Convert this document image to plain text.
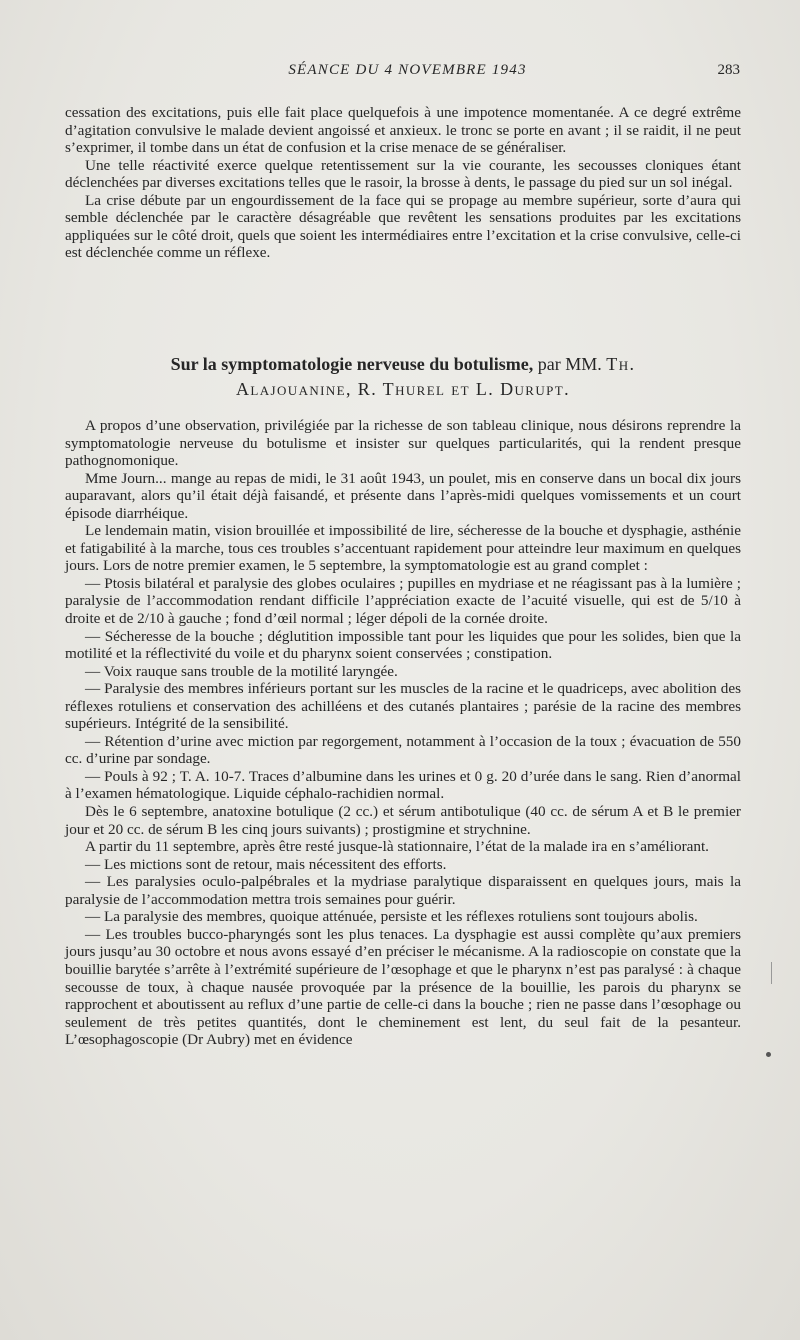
SÉANCE DU 4 NOVEMBRE 1943	283

cessation des excitations, puis elle fait place quelquefois à une impotence momentanée. A ce degré extrême d’agitation convulsive le malade devient angoissé et anxieux. le tronc se porte en avant ; il se raidit, il ne peut s’exprimer, il tombe dans un état de confusion et la crise menace de se généraliser.

Une telle réactivité exerce quelque retentissement sur la vie courante, les secousses cloniques étant déclenchées par diverses excitations telles que le rasoir, la brosse à dents, le passage du pied sur un sol inégal.

La crise débute par un engourdissement de la face qui se propage au membre supérieur, sorte d’aura qui semble déclenchée par le caractère désagréable que revêtent les sensations produites par les excitations appliquées sur le côté droit, quels que soient les intermédiaires entre l’excitation et la crise convulsive, celle-ci est déclenchée comme un réflexe.

Sur la symptomatologie nerveuse du botulisme, par MM. Th.
Alajouanine, R. Thurel et L. Durupt.

A propos d’une observation, privilégiée par la richesse de son tableau clinique, nous désirons reprendre la symptomatologie nerveuse du botulisme et insister sur quelques particularités, qui la rendent presque pathognomonique.

Mme Journ... mange au repas de midi, le 31 août 1943, un poulet, mis en conserve dans un bocal dix jours auparavant, alors qu’il était déjà faisandé, et présente dans l’après-midi quelques vomissements et un court épisode diarrhéique.

Le lendemain matin, vision brouillée et impossibilité de lire, sécheresse de la bouche et dysphagie, asthénie et fatigabilité à la marche, tous ces troubles s’accentuant rapidement pour atteindre leur maximum en quelques jours. Lors de notre premier examen, le 5 septembre, la symptomatologie est au grand complet :

— Ptosis bilatéral et paralysie des globes oculaires ; pupilles en mydriase et ne réagissant pas à la lumière ; paralysie de l’accommodation rendant difficile l’appréciation exacte de l’acuité visuelle, qui est de 5/10 à droite et de 2/10 à gauche ; fond d’œil normal ; léger dépoli de la cornée droite.

— Sécheresse de la bouche ; déglutition impossible tant pour les liquides que pour les solides, bien que la motilité et la réflectivité du voile et du pharynx soient conservées ; constipation.

— Voix rauque sans trouble de la motilité laryngée.

— Paralysie des membres inférieurs portant sur les muscles de la racine et le quadriceps, avec abolition des réflexes rotuliens et conservation des achilléens et des cutanés plantaires ; parésie de la racine des membres supérieurs. Intégrité de la sensibilité.

— Rétention d’urine avec miction par regorgement, notamment à l’occasion de la toux ; évacuation de 550 cc. d’urine par sondage.

— Pouls à 92 ; T. A. 10-7. Traces d’albumine dans les urines et 0 g. 20 d’urée dans le sang. Rien d’anormal à l’examen hématologique. Liquide céphalo-rachidien normal.

Dès le 6 septembre, anatoxine botulique (2 cc.) et sérum antibotulique (40 cc. de sérum A et B le premier jour et 20 cc. de sérum B les cinq jours suivants) ; prostigmine et strychnine.

A partir du 11 septembre, après être resté jusque-là stationnaire, l’état de la malade ira en s’améliorant.

— Les mictions sont de retour, mais nécessitent des efforts.

— Les paralysies oculo-palpébrales et la mydriase paralytique disparaissent en quelques jours, mais la paralysie de l’accommodation mettra trois semaines pour guérir.

— La paralysie des membres, quoique atténuée, persiste et les réflexes rotuliens sont toujours abolis.

— Les troubles bucco-pharyngés sont les plus tenaces. La dysphagie est aussi complète qu’aux premiers jours jusqu’au 30 octobre et nous avons essayé d’en préciser le mécanisme. A la radioscopie on constate que la bouillie barytée s’arrête à l’extrémité supérieure de l’œsophage et que le pharynx n’est pas paralysé : à chaque secousse de toux, à chaque nausée provoquée par la présence de la bouillie, les parois du pharynx se rapprochent et aboutissent au reflux d’une partie de celle-ci dans la bouche ; rien ne passe dans l’œsophage ou seulement de très petites quantités, dont le cheminement est lent, du seul fait de la pesanteur. L’œsophagoscopie (Dr Aubry) met en évidence
